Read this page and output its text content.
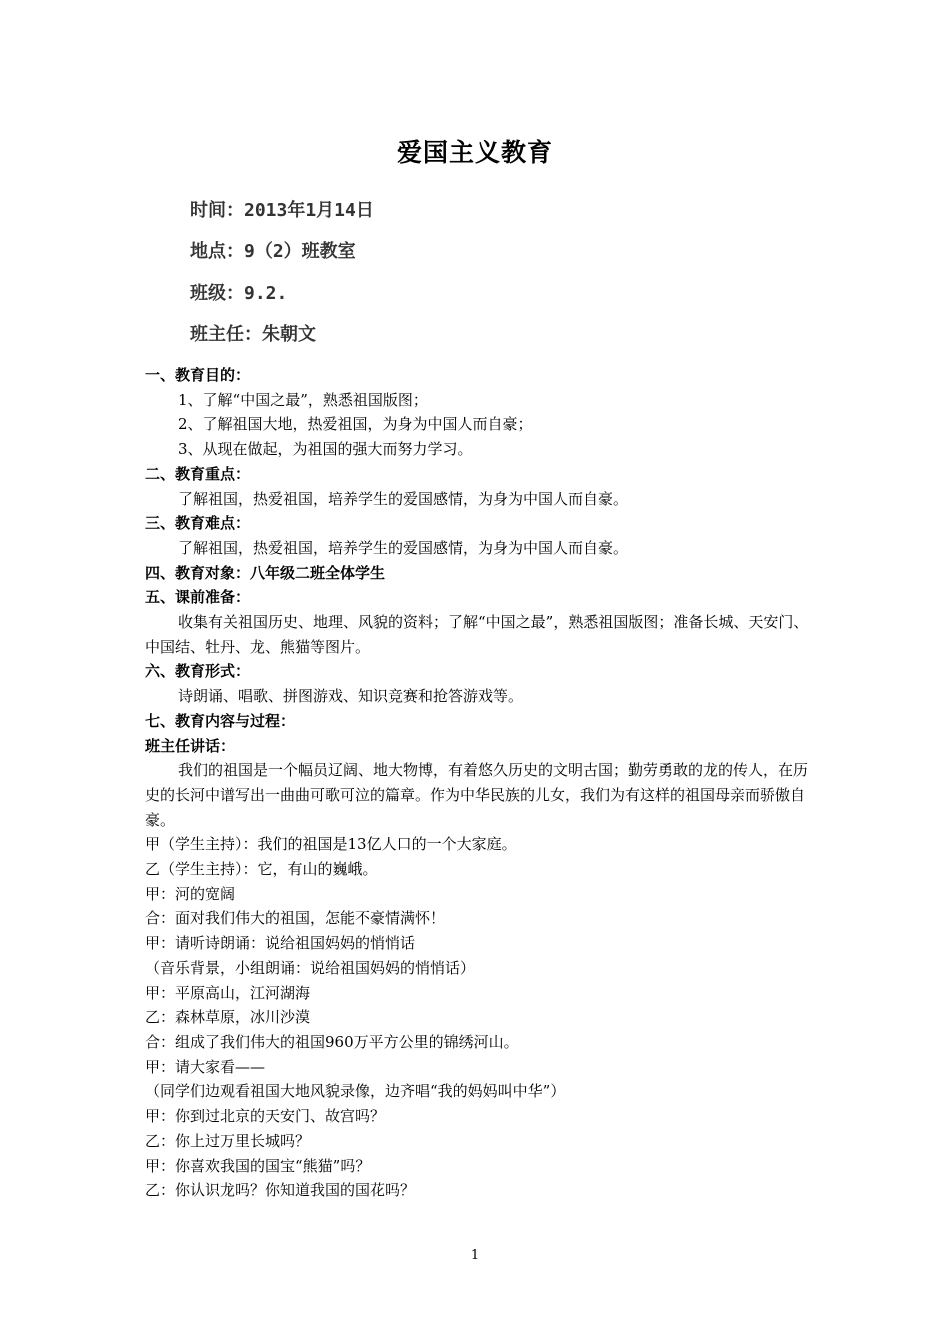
爱国主义教育
时间：2013年1月14日
地点：9（2）班教室
班级：9.2.
班主任：朱朝文

一、教育目的：

1、了解“中国之最”，熟悉祖国版图；

2、了解祖国大地，热爱祖国，为身为中国人而自豪；

3、从现在做起，为祖国的强大而努力学习。

二、教育重点：

了解祖国，热爱祖国，培养学生的爱国感情，为身为中国人而自豪。

三、教育难点：

了解祖国，热爱祖国，培养学生的爱国感情，为身为中国人而自豪。

四、教育对象：八年级二班全体学生

五、课前准备：

收集有关祖国历史、地理、风貌的资料；了解“中国之最”，熟悉祖国版图；准备长城、天安门、中国结、牡丹、龙、熊猫等图片。

六、教育形式：

诗朗诵、唱歌、拼图游戏、知识竞赛和抢答游戏等。

七、教育内容与过程：

班主任讲话：

我们的祖国是一个幅员辽阔、地大物博，有着悠久历史的文明古国；勤劳勇敢的龙的传人，在历史的长河中谱写出一曲曲可歌可泣的篇章。作为中华民族的儿女，我们为有这样的祖国母亲而骄傲自豪。

甲（学生主持）：我们的祖国是13亿人口的一个大家庭。

乙（学生主持）：它，有山的巍峨。

甲：河的宽阔

合：面对我们伟大的祖国，怎能不豪情满怀！

甲：请听诗朗诵：说给祖国妈妈的悄悄话

（音乐背景，小组朗诵：说给祖国妈妈的悄悄话）

甲：平原高山，江河湖海

乙：森林草原，冰川沙漠

合：组成了我们伟大的祖国960万平方公里的锦绣河山。

甲：请大家看——

（同学们边观看祖国大地风貌录像，边齐唱“我的妈妈叫中华”）

甲：你到过北京的天安门、故宫吗？

乙：你上过万里长城吗？

甲：你喜欢我国的国宝“熊猫”吗？

乙：你认识龙吗？你知道我国的国花吗？

1
